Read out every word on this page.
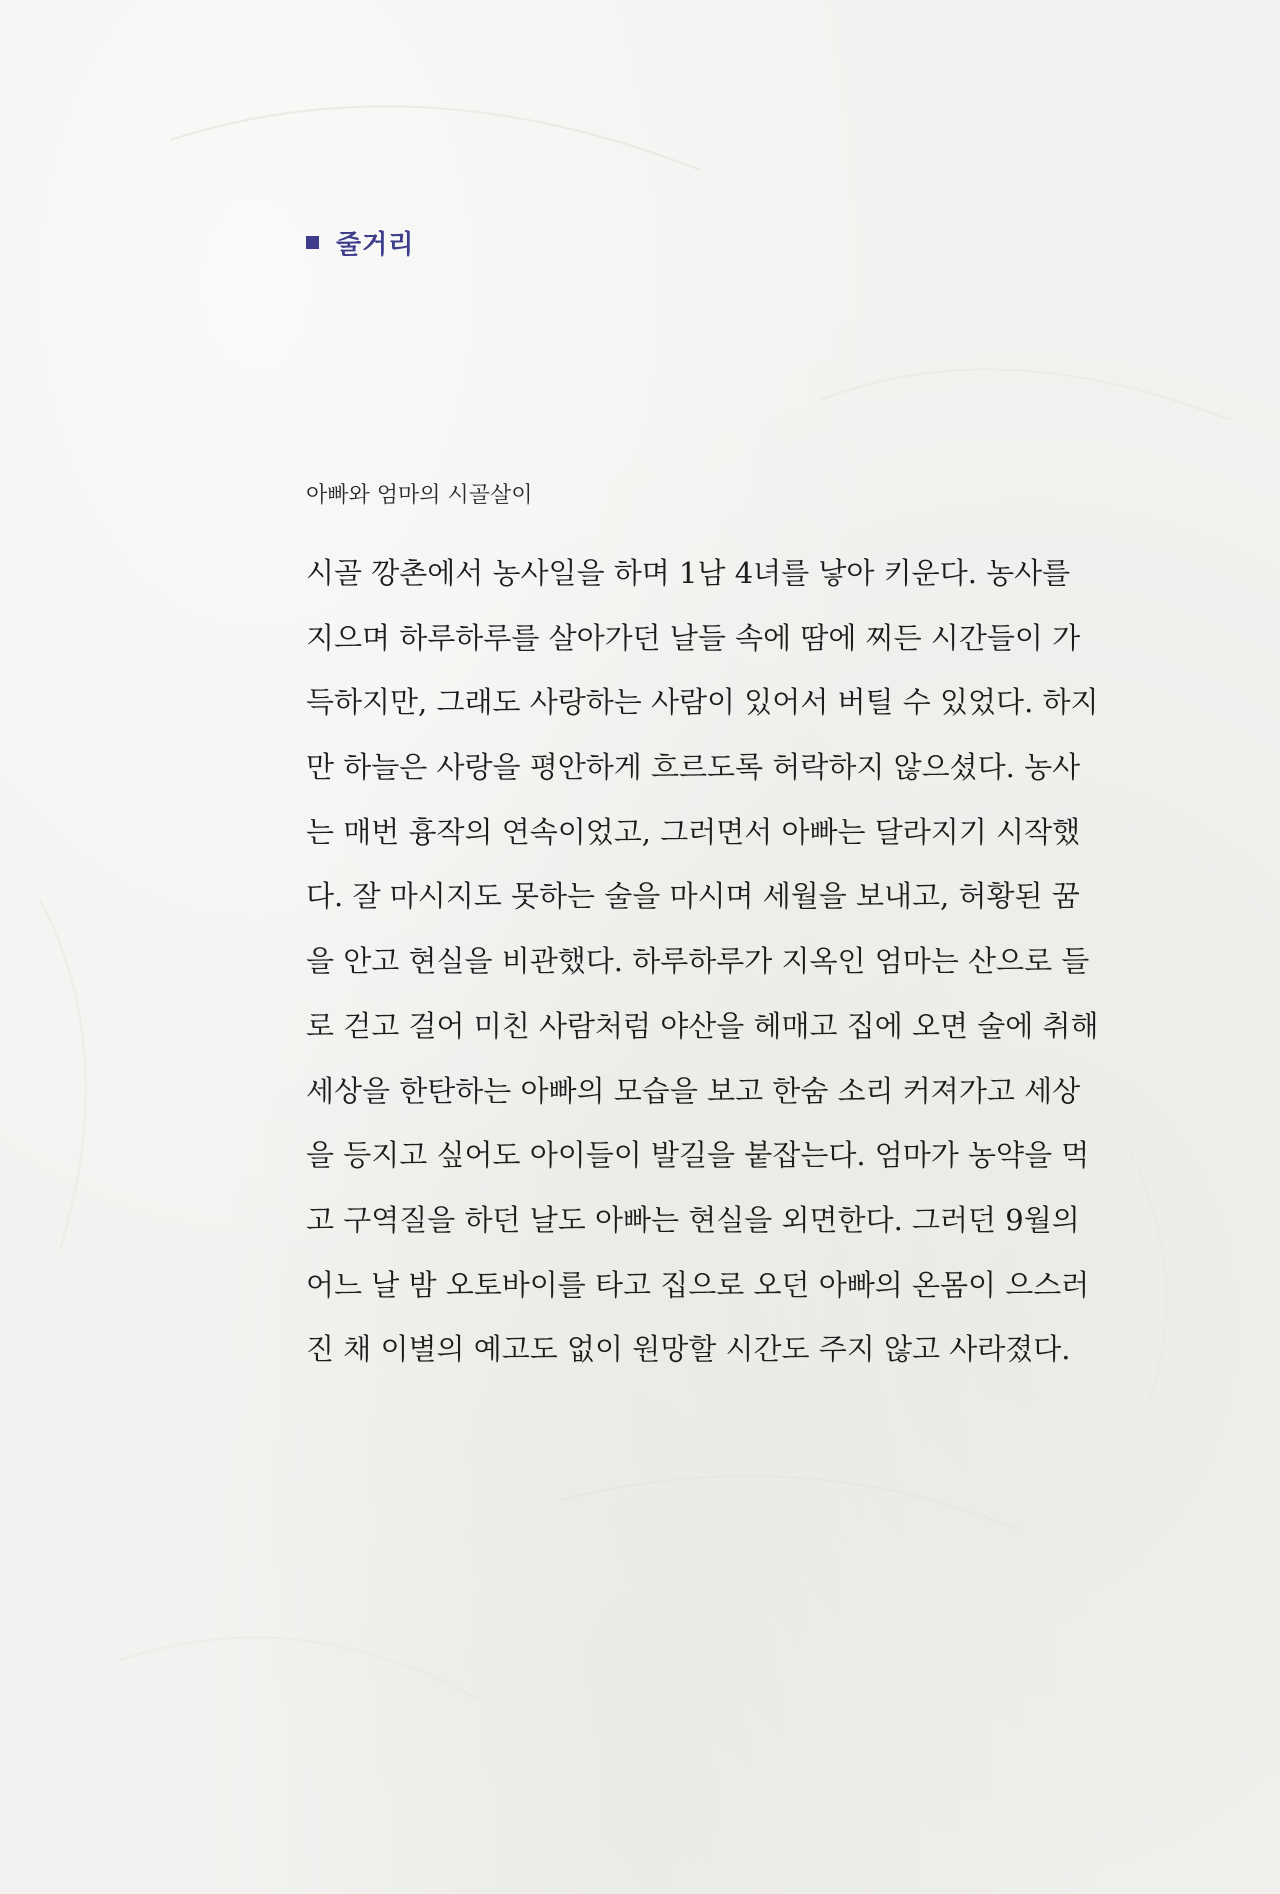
줄거리
아빠와 엄마의 시골살이
시골 깡촌에서 농사일을 하며 1남 4녀를 낳아 키운다. 농사를
지으며 하루하루를 살아가던 날들 속에 땀에 찌든 시간들이 가
득하지만, 그래도 사랑하는 사람이 있어서 버틸 수 있었다. 하지
만 하늘은 사랑을 평안하게 흐르도록 허락하지 않으셨다. 농사
는 매번 흉작의 연속이었고, 그러면서 아빠는 달라지기 시작했
다. 잘 마시지도 못하는 술을 마시며 세월을 보내고, 허황된 꿈
을 안고 현실을 비관했다. 하루하루가 지옥인 엄마는 산으로 들
로 걷고 걸어 미친 사람처럼 야산을 헤매고 집에 오면 술에 취해
세상을 한탄하는 아빠의 모습을 보고 한숨 소리 커져가고 세상
을 등지고 싶어도 아이들이 발길을 붙잡는다. 엄마가 농약을 먹
고 구역질을 하던 날도 아빠는 현실을 외면한다. 그러던 9월의
어느 날 밤 오토바이를 타고 집으로 오던 아빠의 온몸이 으스러
진 채 이별의 예고도 없이 원망할 시간도 주지 않고 사라졌다.
